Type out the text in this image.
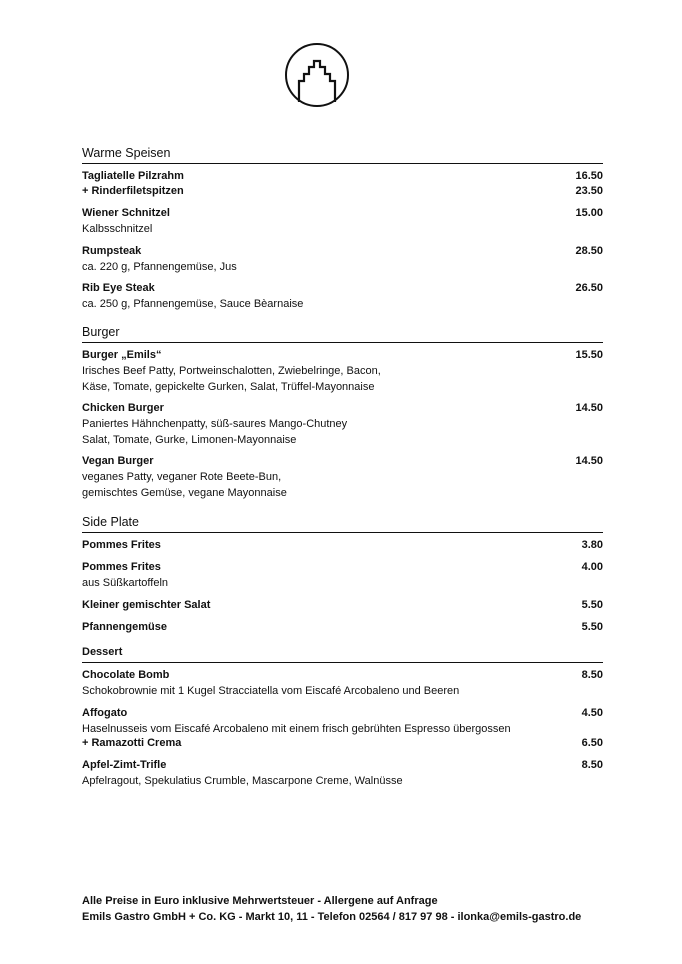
Warme Speisen
Tagliatelle Pilzrahm	16.50
+ Rinderfiletspitzen	23.50
Wiener Schnitzel	15.00
Kalbsschnitzel
Rumpsteak	28.50
ca. 220 g, Pfannengemüse, Jus
Rib Eye Steak	26.50
ca. 250 g, Pfannengemüse, Sauce Bèarnaise
Burger
Burger „Emils“	15.50
Irisches Beef Patty, Portweinschalotten, Zwiebelringe, Bacon,
Käse, Tomate, gepickelte Gurken, Salat, Trüffel-Mayonnaise
Chicken Burger	14.50
Paniertes Hähnchenpatty, süß-saures Mango-Chutney
Salat, Tomate, Gurke, Limonen-Mayonnaise
Vegan Burger	14.50
veganes Patty, veganer Rote Beete-Bun,
gemischtes Gemüse, vegane Mayonnaise
Side Plate
Pommes Frites	3.80
Pommes Frites	4.00
aus Süßkartoffeln
Kleiner gemischter Salat	5.50
Pfannengemüse	5.50
Dessert
Chocolate Bomb	8.50
Schokobrownie mit 1 Kugel Stracciatella vom Eiscafé Arcobaleno und Beeren
Affogato	4.50
Haselnusseis vom Eiscafé Arcobaleno mit einem frisch gebrühten Espresso übergossen
+ Ramazotti Crema	6.50
Apfel-Zimt-Trifle	8.50
Apfelragout, Spekulatius Crumble, Mascarpone Creme, Walnüsse
Alle Preise in Euro inklusive Mehrwertsteuer - Allergene auf Anfrage
Emils Gastro GmbH + Co. KG - Markt 10, 11 - Telefon 02564 / 817 97 98 - ilonka@emils-gastro.de
